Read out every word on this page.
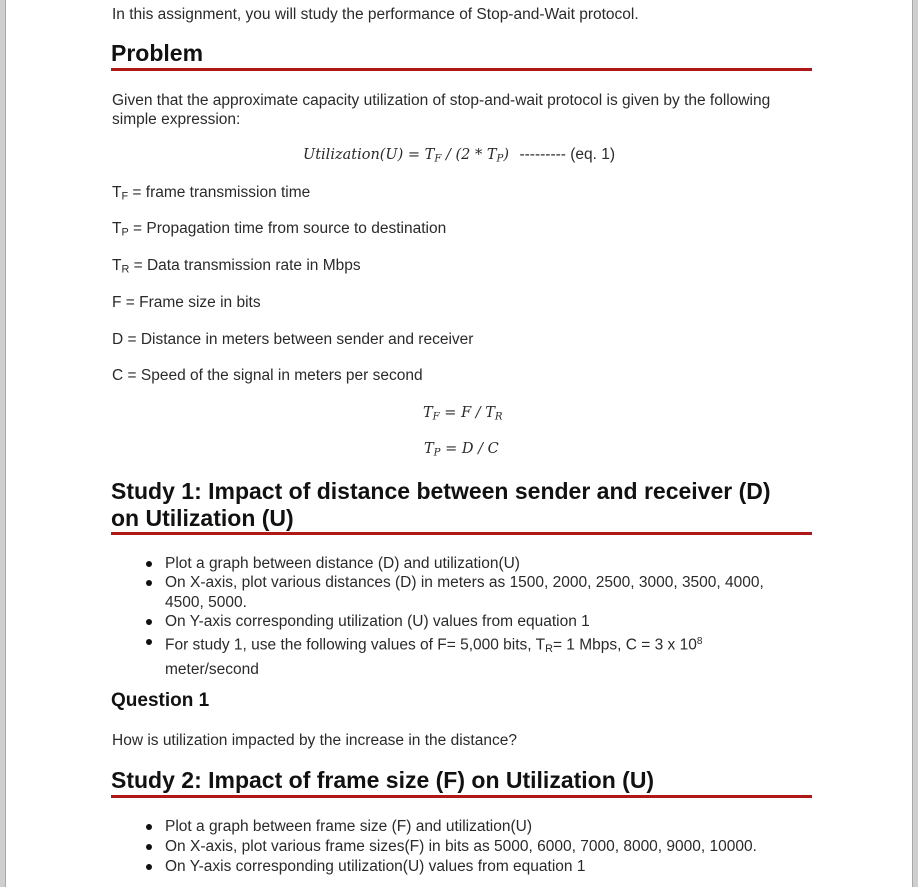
In this assignment, you will study the performance of Stop-and-Wait protocol.
Problem
Given that the approximate capacity utilization of stop-and-wait protocol is given by the following
simple expression:
Utilization(U) = $T_F / (2 * T_P)$ --------- (eq. 1)
$T_F$ = frame transmission time
$T_P$ = Propagation time from source to destination
$T_R$ = Data transmission rate in Mbps
F = Frame size in bits
D = Distance in meters between sender and receiver
C = Speed of the signal in meters per second
$T_F = F / T_R$
$T_P = D / C$
Study 1: Impact of distance between sender and receiver (D)
on Utilization (U)
Plot a graph between distance (D) and utilization(U)
On X-axis, plot various distances (D) in meters as 1500, 2000, 2500, 3000, 3500, 4000, 4500, 5000.
On Y-axis corresponding utilization (U) values from equation 1
For study 1, use the following values of F= 5,000 bits, $T_R= 1$ Mbps, C = 3 x $10^8$
meter/second
Question 1
How is utilization impacted by the increase in the distance?
Study 2: Impact of frame size (F) on Utilization (U)
Plot a graph between frame size (F) and utilization(U)
On X-axis, plot various frame sizes(F) in bits as 5000, 6000, 7000, 8000, 9000, 10000.
On Y-axis corresponding utilization(U) values from equation 1
